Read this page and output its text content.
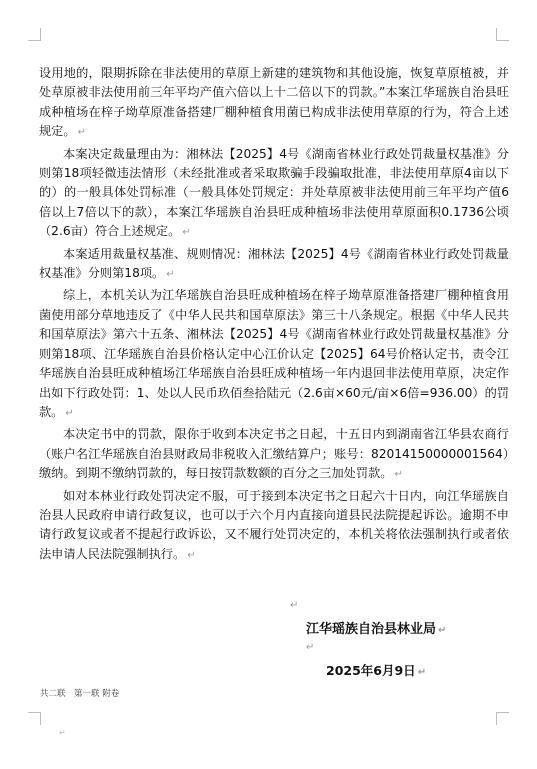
设用地的，限期拆除在非法使用的草原上新建的建筑物和其他设施，恢复草原植被，并处草原被非法使用前三年平均产值六倍以上十二倍以下的罚款。”本案江华瑶族自治县旺成种植场在梓子坳草原准备搭建厂棚种植食用菌已构成非法使用草原的行为，符合上述规定。 ↵

本案决定裁量理由为：湘林法【2025】4号《湖南省林业行政处罚裁量权基准》分则第18项轻微违法情形（未经批准或者采取欺骗手段骗取批准，非法使用草原4亩以下的）的一般具体处罚标准（一般具体处罚规定：并处草原被非法使用前三年平均产值6倍以上7倍以下的款），本案江华瑶族自治县旺成种植场非法使用草原面积0.1736公顷（2.6亩）符合上述规定。 ↵

本案适用裁量权基准、规则情况：湘林法【2025】4号《湖南省林业行政处罚裁量权基准》分则第18项。 ↵

综上，本机关认为江华瑶族自治县旺成种植场在梓子坳草原准备搭建厂棚种植食用菌使用部分草地违反了《中华人民共和国草原法》第三十八条规定。根据《中华人民共和国草原法》第六十五条、湘林法【2025】4号《湖南省林业行政处罚裁量权基准》分则第18项、江华瑶族自治县价格认定中心江价认定【2025】64号价格认定书，责令江华瑶族自治县旺成种植场江华瑶族自治县旺成种植场一年内退回非法使用草原，决定作出如下行政处罚：1、处以人民币玖佰叁拾陆元（2.6亩×60元/亩×6倍=936.00）的罚款。 ↵

本决定书中的罚款，限你于收到本决定书之日起，十五日内到湖南省江华县农商行（账户名江华瑶族自治县财政局非税收入汇缴结算户；账号：82014150000001564）缴纳。到期不缴纳罚款的，每日按罚款数额的百分之三加处罚款。 ↵

如对本林业行政处罚决定不服，可于接到本决定书之日起六十日内，向江华瑶族自治县人民政府申请行政复议，也可以于六个月内直接向道县民法院提起诉讼。逾期不申请行政复议或者不提起行政诉讼，又不履行处罚决定的，本机关将依法强制执行或者依法申请人民法院强制执行。 ↵

↵
江华瑶族自治县林业局 ↵
↵
2025年6月9日 ↵
共二联　第一联 附卷
↵
